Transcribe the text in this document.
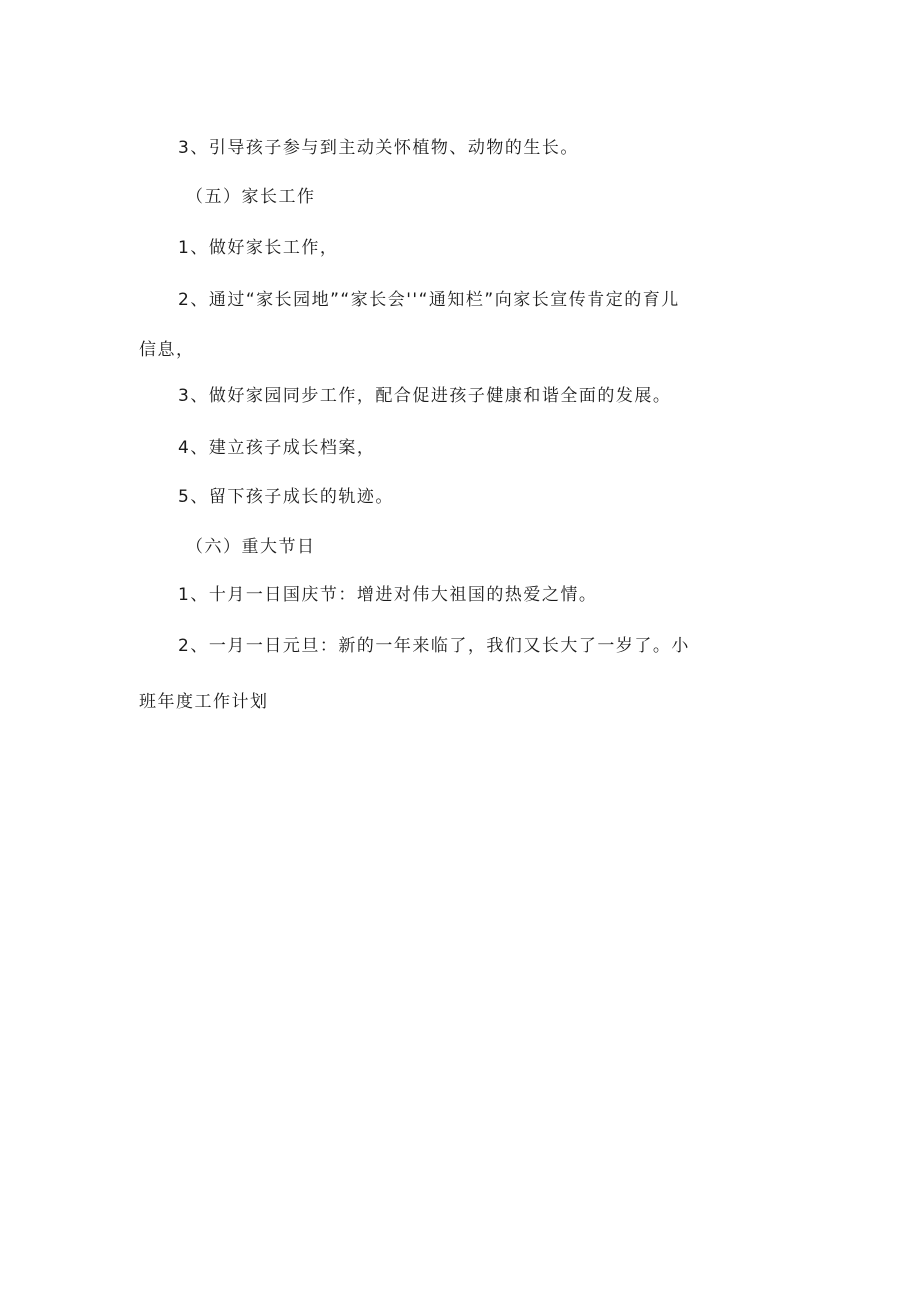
3、引导孩子参与到主动关怀植物、动物的生长。
（五）家长工作
1、做好家长工作，
2、通过“家长园地”“家长会''“通知栏”向家长宣传肯定的育儿
信息，
3、做好家园同步工作，配合促进孩子健康和谐全面的发展。
4、建立孩子成长档案，
5、留下孩子成长的轨迹。
（六）重大节日
1、十月一日国庆节：增进对伟大祖国的热爱之情。
2、一月一日元旦：新的一年来临了，我们又长大了一岁了。小
班年度工作计划
